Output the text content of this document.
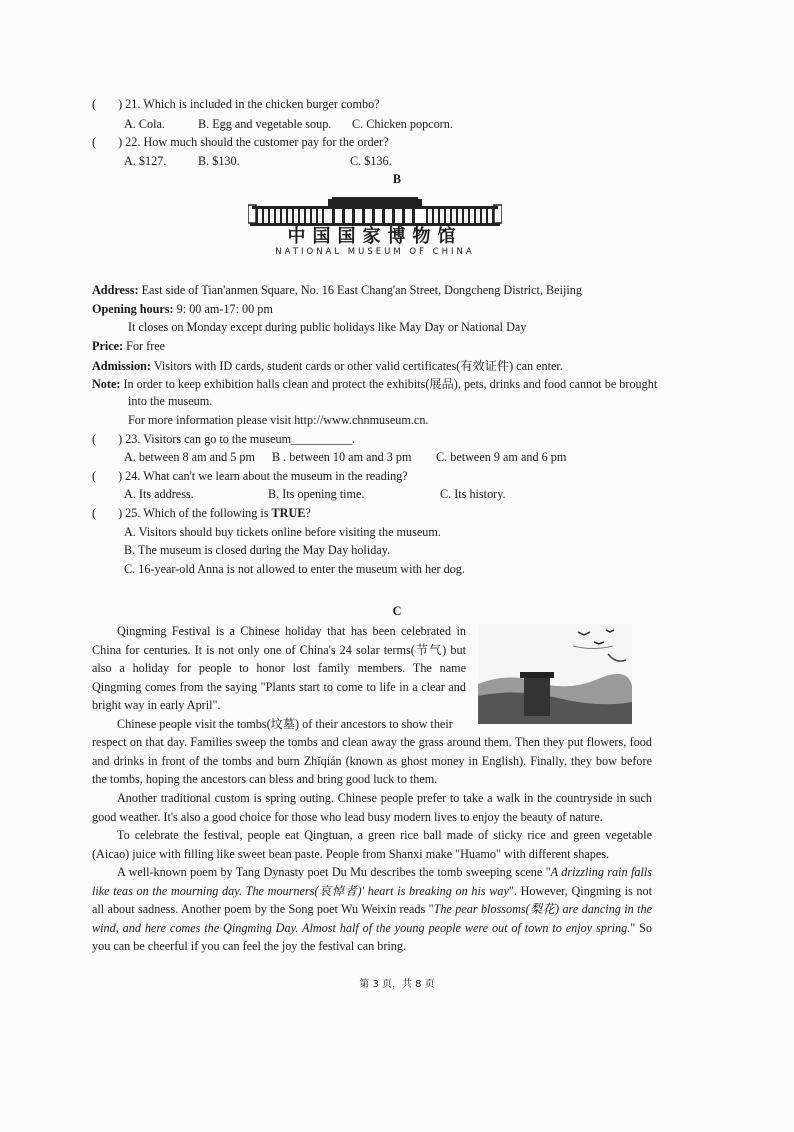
( ) 21. Which is included in the chicken burger combo?
A. Cola.	B. Egg and vegetable soup. C. Chicken popcorn.
( ) 22. How much should the customer pay for the order?
A. $127.	B. $130.	C. $136.
B
中国国家博物馆
NATIONAL MUSEUM OF CHINA
Address: East side of Tian'anmen Square, No. 16 East Chang'an Street, Dongcheng District, Beijing
Opening hours: 9: 00 am-17: 00 pm
It closes on Monday except during public holidays like May Day or National Day
Price: For free
Admission: Visitors with ID cards, student cards or other valid certificates(有效证件) can enter.
Note: In order to keep exhibition halls clean and protect the exhibits(展品), pets, drinks and food cannot be brought
into the museum.
For more information please visit http://www.chnmuseum.cn.
( ) 23. Visitors can go to the museum__________.
A. between 8 am and 5 pm B . between 10 am and 3 pm C. between 9 am and 6 pm
( ) 24. What can't we learn about the museum in the reading?
A. Its address.	B. Its opening time.	C. Its history.
( ) 25. Which of the following is TRUE?
A. Visitors should buy tickets online before visiting the museum.
B. The museum is closed during the May Day holiday.
C. 16-year-old Anna is not allowed to enter the museum with her dog.
C
Qingming Festival is a Chinese holiday that has been celebrated in China for centuries. It is not only one of China's 24 solar terms(节气) but also a holiday for people to honor lost family members. The name Qingming comes from the saying "Plants start to come to life in a clear and bright way in early April".
Chinese people visit the tombs(坟墓) of their ancestors to show their
respect on that day. Families sweep the tombs and clean away the grass around them. Then they put flowers, food and drinks in front of the tombs and burn Zhǐqián (known as ghost money in English). Finally, they bow before the tombs, hoping the ancestors can bless and bring good luck to them.
Another traditional custom is spring outing. Chinese people prefer to take a walk in the countryside in such good weather. It's also a good choice for those who lead busy modern lives to enjoy the beauty of nature.
To celebrate the festival, people eat Qingtuan, a green rice ball made of sticky rice and green vegetable (Aicao) juice with filling like sweet bean paste. People from Shanxi make "Huamo" with different shapes.
A well-known poem by Tang Dynasty poet Du Mu describes the tomb sweeping scene "A drizzling rain falls like teas on the mourning day. The mourners(哀悼者)' heart is breaking on his way". However, Qingming is not all about sadness. Another poem by the Song poet Wu Weixin reads "The pear blossoms(梨花) are dancing in the wind, and here comes the Qingming Day. Almost half of the young people were out of town to enjoy spring." So you can be cheerful if you can feel the joy the festival can bring.
第 3 页，共 8 页
